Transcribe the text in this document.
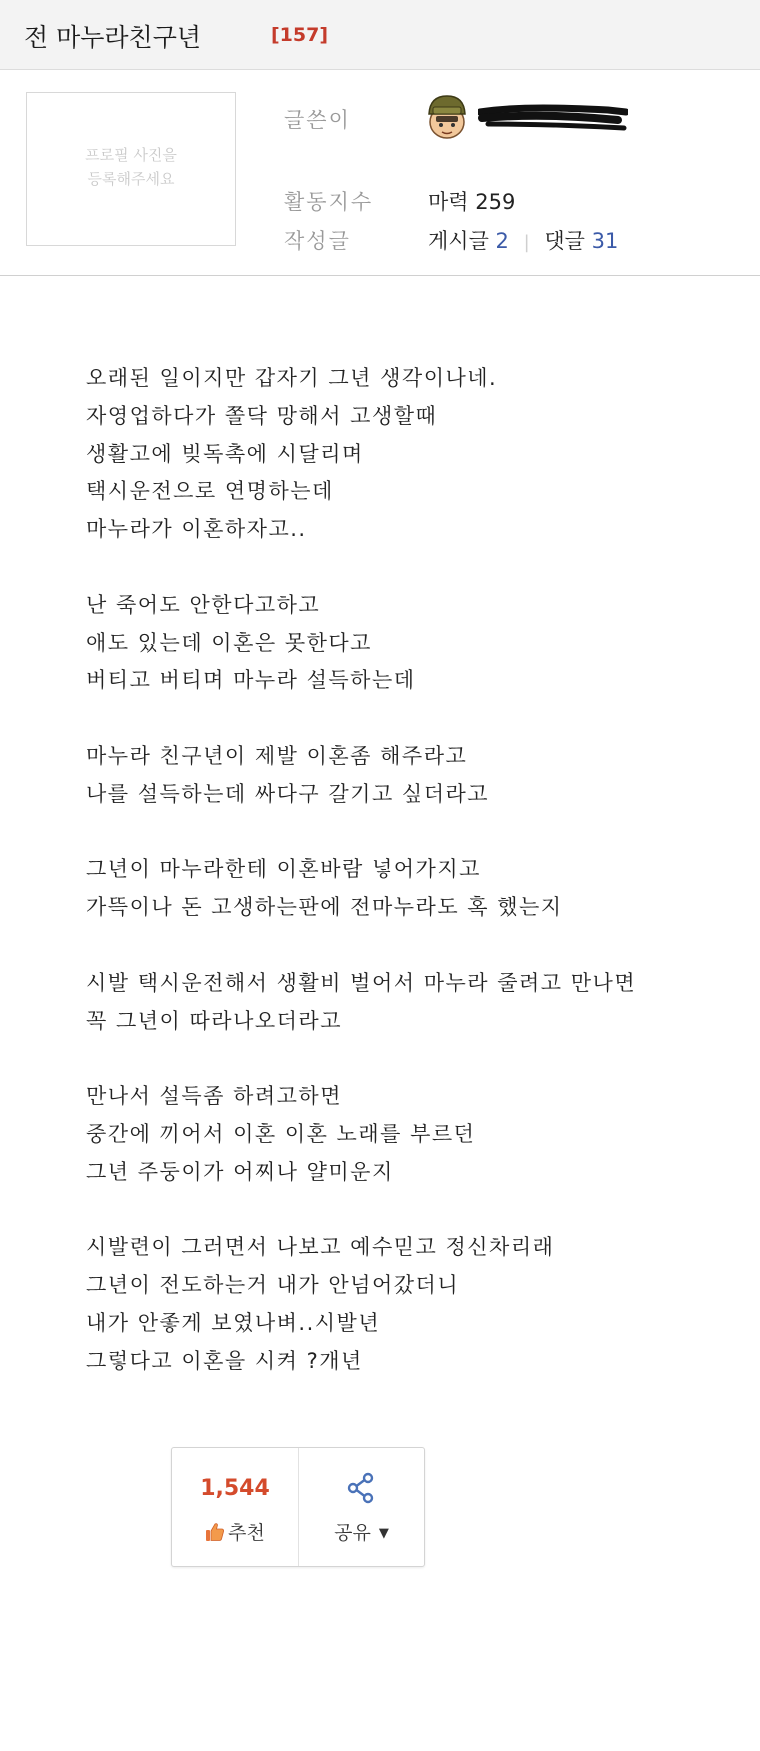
전 마누라친구년	[157]
프로필 사진을
등록해주세요
글쓴이
활동지수
작성글
마력 259
게시글 2 | 댓글 31
오래된 일이지만 갑자기 그년 생각이나네.
자영업하다가 쫄닥 망해서 고생할때
생활고에 빚독촉에 시달리며
택시운전으로 연명하는데
마누라가 이혼하자고..
난 죽어도 안한다고하고
애도 있는데 이혼은 못한다고
버티고 버티며 마누라 설득하는데
마누라 친구년이 제발 이혼좀 해주라고
나를 설득하는데 싸다구 갈기고 싶더라고
그년이 마누라한테 이혼바람 넣어가지고
가뜩이나 돈 고생하는판에 전마누라도 혹 했는지
시발 택시운전해서 생활비 벌어서 마누라 줄려고 만나면
꼭 그년이 따라나오더라고
만나서 설득좀 하려고하면
중간에 끼어서 이혼 이혼 노래를 부르던
그년 주둥이가 어찌나 얄미운지
시발련이 그러면서 나보고 예수믿고 정신차리래
그년이 전도하는거 내가 안넘어갔더니
내가 안좋게 보였나벼..시발년
그렇다고 이혼을 시켜 ?개년
1,544
추천	공유 ▼
